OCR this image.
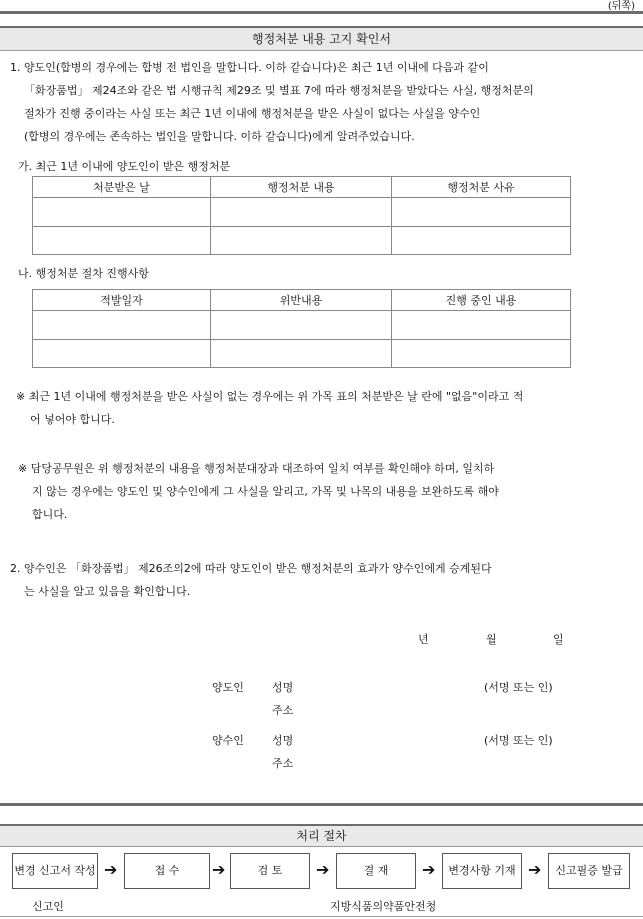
(뒤쪽)
행정처분 내용 고지 확인서
1. 양도인(합병의 경우에는 합병 전 법인을 말합니다. 이하 같습니다)은 최근 1년 이내에 다음과 같이
「화장품법」 제24조와 같은 법 시행규칙 제29조 및 별표 7에 따라 행정처분을 받았다는 사실, 행정처분의
절차가 진행 중이라는 사실 또는 최근 1년 이내에 행정처분을 받은 사실이 없다는 사실을 양수인
(합병의 경우에는 존속하는 법인을 말합니다. 이하 같습니다)에게 알려주었습니다.
가. 최근 1년 이내에 양도인이 받은 행정처분
처분받은 날	행정처분 내용	행정처분 사유

나. 행정처분 절차 진행사항
적발일자	위반내용	진행 중인 내용

※ 최근 1년 이내에 행정처분을 받은 사실이 없는 경우에는 위 가목 표의 처분받은 날 란에 "없음"이라고 적
어 넣어야 합니다.
※ 담당공무원은 위 행정처분의 내용을 행정처분대장과 대조하여 일치 여부를 확인해야 하며, 일치하
지 않는 경우에는 양도인 및 양수인에게 그 사실을 알리고, 가목 및 나목의 내용을 보완하도록 해야
합니다.
2. 양수인은 「화장품법」 제26조의2에 따라 양도인이 받은 행정처분의 효과가 양수인에게 승계된다
는 사실을 알고 있음을 확인합니다.
년	월	일
양도인	성명	(서명 또는 인)
주소
양수인	성명	(서명 또는 인)
주소
처리 절차
변경 신고서 작성 ➔	접 수	➔	검 토	➔	결 재	➔	변경사항 기재 ➔	신고필증 발급
신고인	지방식품의약품안전청
